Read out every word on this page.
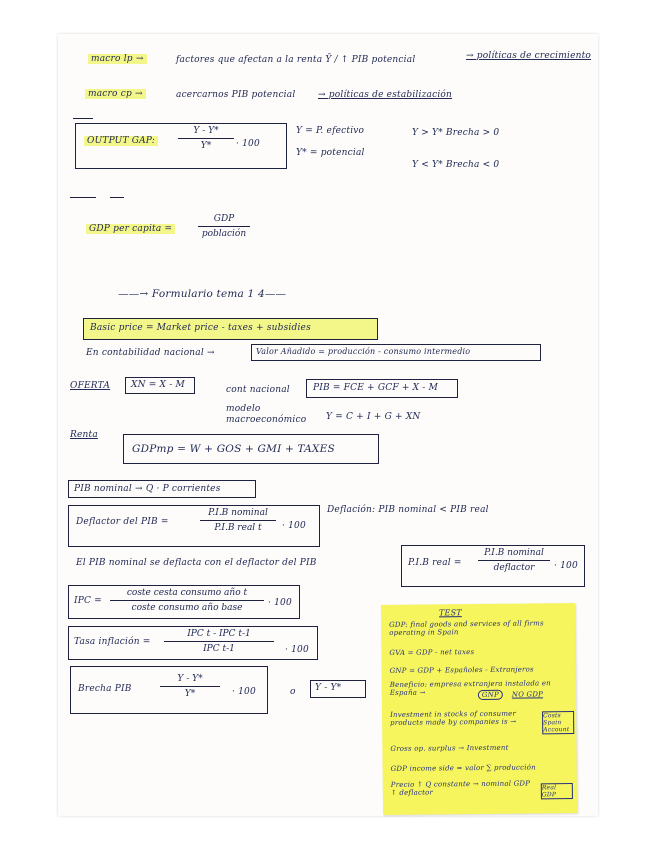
macro lp →	factores que afectan a la renta Ȳ / ↑ PIB potencial	→ políticas de crecimiento
macro cp →	acercarnos PIB potencial	→ políticas de estabilización
OUTPUT GAP:
Y - Y*
Y*	· 100
Y = P. efectivo
Y* = potencial
Y > Y* Brecha > 0
Y < Y* Brecha < 0
GDP per capita =
GDP
población
——→ Formulario tema 1 4——
Basic price = Market price - taxes + subsidies
En contabilidad nacional →	Valor Añadido = producción - consumo intermedio
OFERTA XN = X - M	cont nacional	PIB = FCE + GCF + X - M
modelo
macroeconómico Y = C + I + G + XN
Renta
GDPmp = W + GOS + GMI + TAXES
PIB nominal → Q · P corrientes
Deflactor del PIB =
P.I.B nominal
P.I.B real t	· 100
Deflación: PIB nominal < PIB real
El PIB nominal se deflacta con el deflactor del PIB	P.I.B real =
P.I.B nominal
deflactor	· 100
IPC =
coste cesta consumo año t
coste consumo año base	· 100
Tasa inflación =
IPC t - IPC t-1
IPC t-1	· 100
Brecha PIB
Y - Y*
Y*	· 100	o Y - Y*
TEST
GDP: final goods and services of all firms operating in Spain
GVA = GDP - net taxes
GNP = GDP + Españoles - Extranjeros
Beneficio: empresa extranjera instalada en España →	GNP	NO GDP
Investment in stocks of consumer products made by companies is →
Costs Spain Account
Gross op. surplus → Investment
GDP income side = valor ∑ producción
Precio ↑ Q constante → nominal GDP ↑ deflactor
Real GDP
